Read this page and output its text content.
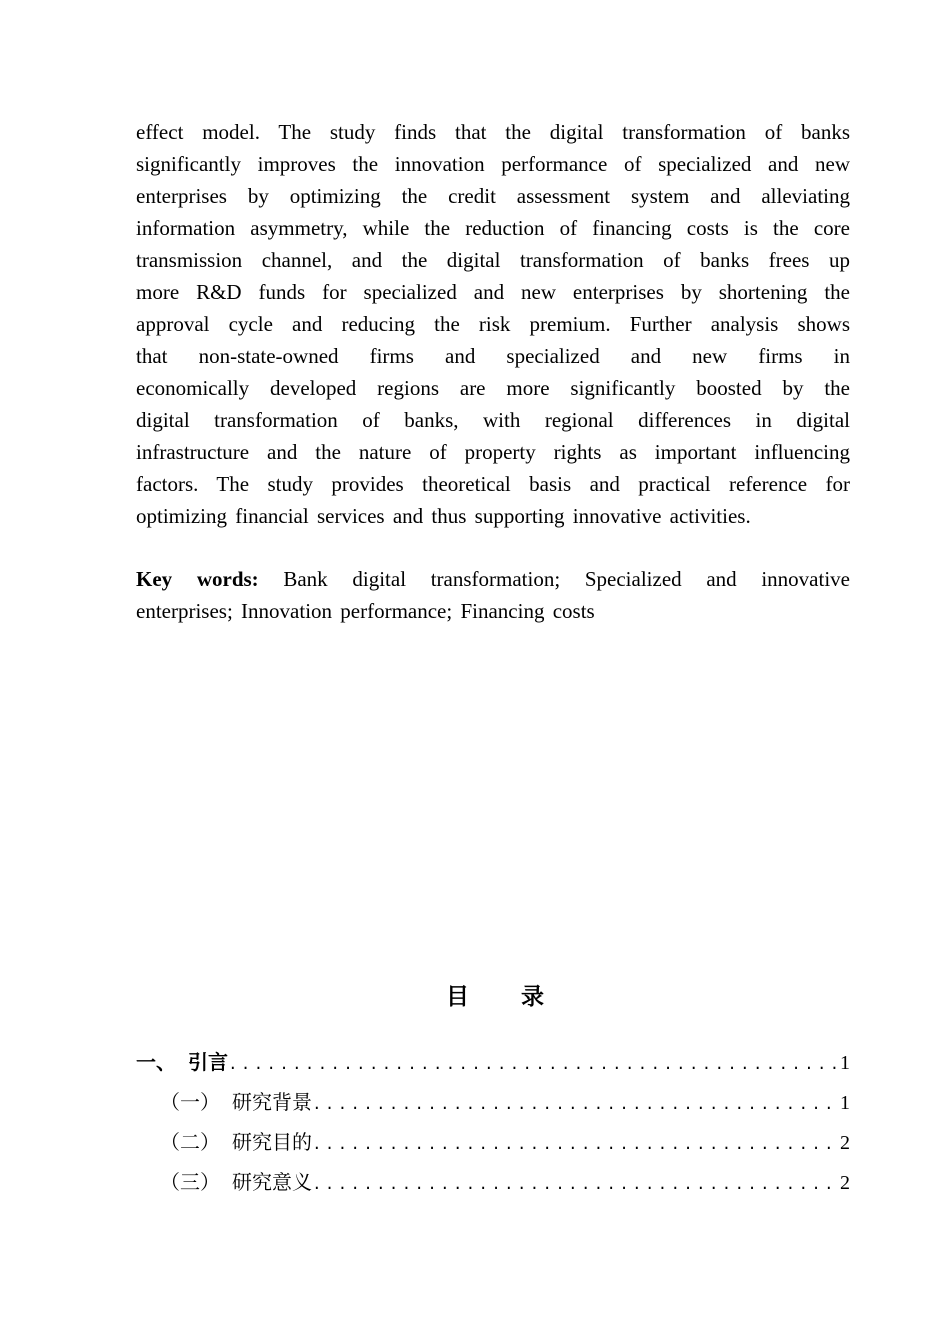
effect model. The study finds that the digital transformation of banks
significantly improves the innovation performance of specialized and new
enterprises by optimizing the credit assessment system and alleviating
information asymmetry, while the reduction of financing costs is the core
transmission channel, and the digital transformation of banks frees up
more R&D funds for specialized and new enterprises by shortening the
approval cycle and reducing the risk premium. Further analysis shows
that non-state-owned firms and specialized and new firms in
economically developed regions are more significantly boosted by the
digital transformation of banks, with regional differences in digital
infrastructure and the nature of property rights as important influencing
factors. The study provides theoretical basis and practical reference for
optimizing financial services and thus supporting innovative activities.
Key words: Bank digital transformation; Specialized and innovative
enterprises; Innovation performance; Financing costs
目 录
一、 引言 .....	1
（一） 研究背景 .....	1
（二） 研究目的 .....	2
（三） 研究意义 .....	2
